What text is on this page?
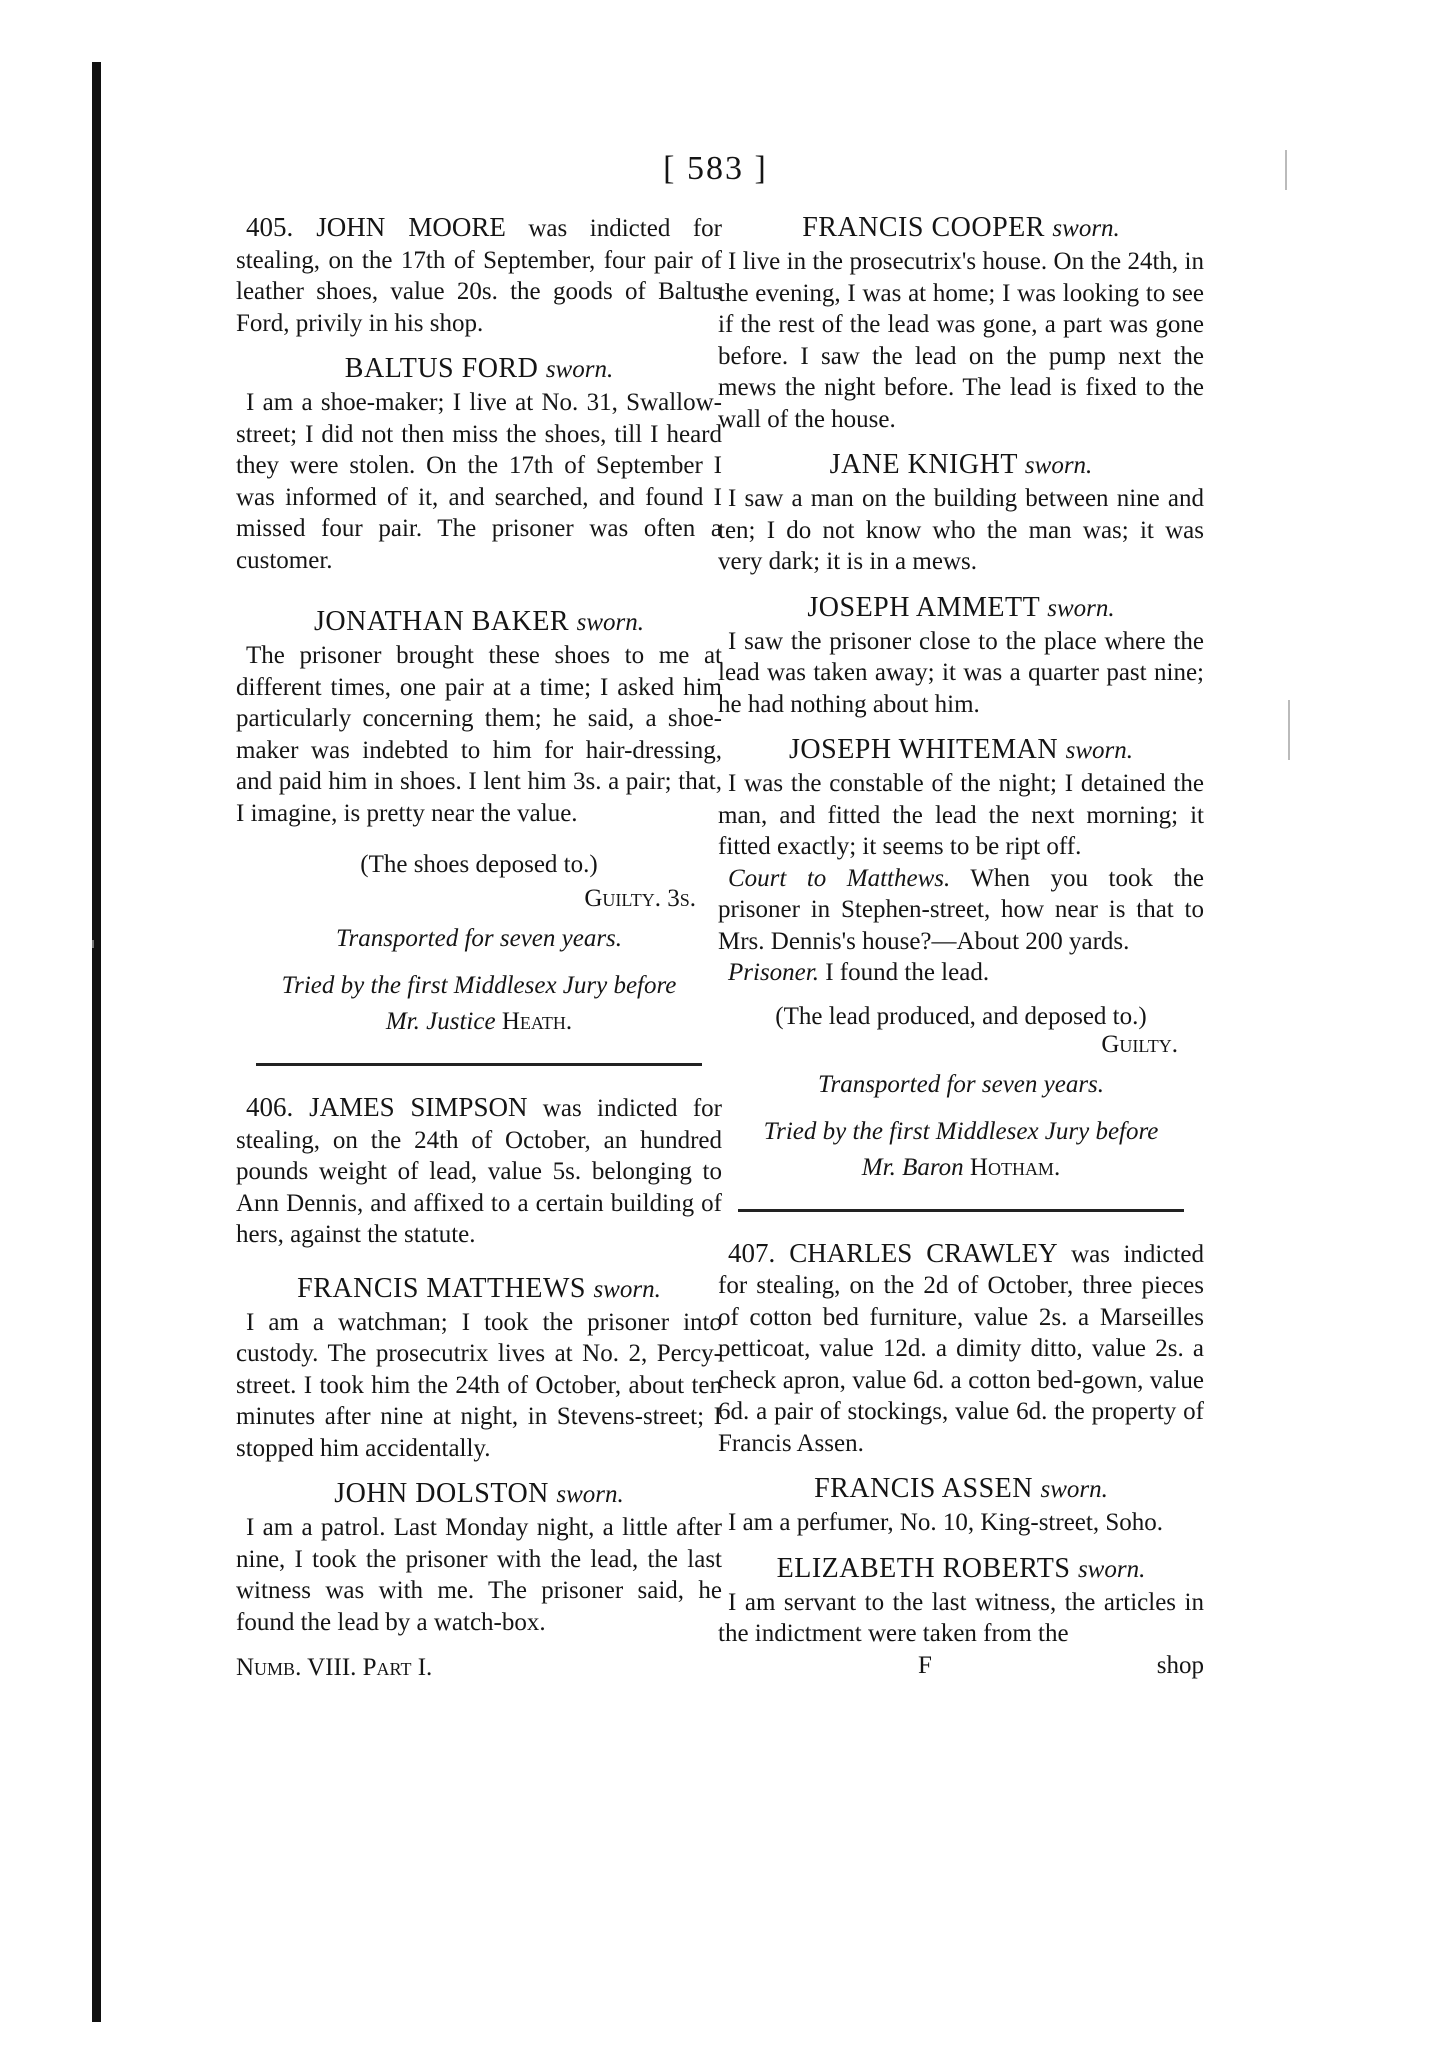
[ 583 ]

405. JOHN MOORE was indicted for stealing, on the 17th of September, four pair of leather shoes, value 20s. the goods of Baltus Ford, privily in his shop.

BALTUS FORD sworn.

I am a shoe-maker; I live at No. 31, Swallow-street; I did not then miss the shoes, till I heard they were stolen. On the 17th of September I was informed of it, and searched, and found I missed four pair. The prisoner was often a customer.

JONATHAN BAKER sworn.

The prisoner brought these shoes to me at different times, one pair at a time; I asked him particularly concerning them; he said, a shoe-maker was indebted to him for hair-dressing, and paid him in shoes. I lent him 3s. a pair; that, I imagine, is pretty near the value.

(The shoes deposed to.)
Guilty. 3s.
Transported for seven years.
Tried by the first Middlesex Jury before
Mr. Justice Heath.

406. JAMES SIMPSON was indicted for stealing, on the 24th of October, an hundred pounds weight of lead, value 5s. belonging to Ann Dennis, and affixed to a certain building of hers, against the statute.

FRANCIS MATTHEWS sworn.

I am a watchman; I took the prisoner into custody. The prosecutrix lives at No. 2, Percy-street. I took him the 24th of October, about ten minutes after nine at night, in Stevens-street; I stopped him accidentally.

JOHN DOLSTON sworn.

I am a patrol. Last Monday night, a little after nine, I took the prisoner with the lead, the last witness was with me. The prisoner said, he found the lead by a watch-box.

Numb. VIII. Part I.
FRANCIS COOPER sworn.

I live in the prosecutrix's house. On the 24th, in the evening, I was at home; I was looking to see if the rest of the lead was gone, a part was gone before. I saw the lead on the pump next the mews the night before. The lead is fixed to the wall of the house.

JANE KNIGHT sworn.

I saw a man on the building between nine and ten; I do not know who the man was; it was very dark; it is in a mews.

JOSEPH AMMETT sworn.

I saw the prisoner close to the place where the lead was taken away; it was a quarter past nine; he had nothing about him.

JOSEPH WHITEMAN sworn.

I was the constable of the night; I detained the man, and fitted the lead the next morning; it fitted exactly; it seems to be ript off.

Court to Matthews. When you took the prisoner in Stephen-street, how near is that to Mrs. Dennis's house?—About 200 yards.

Prisoner. I found the lead.

(The lead produced, and deposed to.)
Guilty.
Transported for seven years.
Tried by the first Middlesex Jury before
Mr. Baron Hotham.

407. CHARLES CRAWLEY was indicted for stealing, on the 2d of October, three pieces of cotton bed furniture, value 2s. a Marseilles petticoat, value 12d. a dimity ditto, value 2s. a check apron, value 6d. a cotton bed-gown, value 6d. a pair of stockings, value 6d. the property of Francis Assen.

FRANCIS ASSEN sworn.

I am a perfumer, No. 10, King-street, Soho.

ELIZABETH ROBERTS sworn.

I am servant to the last witness, the articles in the indictment were taken from the

F	shop
